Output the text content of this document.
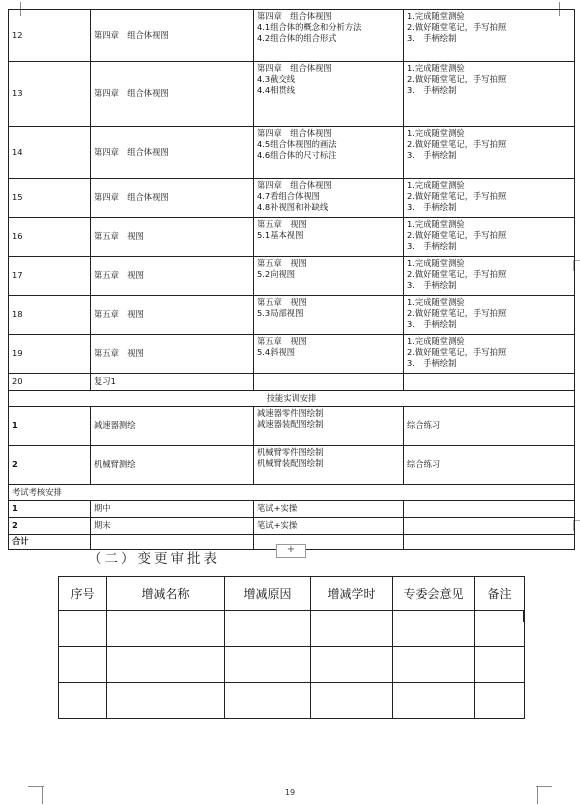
12	第四章　组合体视图	第四章　组合体视图
4.1组合体的概念和分析方法
4.2组合体的组合形式	1.完成随堂测验
2.做好随堂笔记，手写拍照
3.　手柄绘制

13	第四章　组合体视图	第四章　组合体视图
4.3截交线
4.4相贯线	1.完成随堂测验
2.做好随堂笔记，手写拍照
3.　手柄绘制

14	第四章　组合体视图	第四章　组合体视图
4.5组合体视图的画法
4.6组合体的尺寸标注	1.完成随堂测验
2.做好随堂笔记，手写拍照
3.　手柄绘制

15	第四章　组合体视图	第四章　组合体视图
4.7看组合体视图
4.8补视图和补缺线	1.完成随堂测验
2.做好随堂笔记，手写拍照
3.　手柄绘制

16	第五章　视图	第五章　视图
5.1基本视图	1.完成随堂测验
2.做好随堂笔记，手写拍照
3.　手柄绘制

17	第五章　视图	第五章　视图
5.2向视图	1.完成随堂测验
2.做好随堂笔记，手写拍照
3.　手柄绘制

18	第五章　视图	第五章　视图
5.3局部视图	1.完成随堂测验
2.做好随堂笔记，手写拍照
3.　手柄绘制

19	第五章　视图	第五章　视图
5.4斜视图	1.完成随堂测验
2.做好随堂笔记，手写拍照
3.　手柄绘制

20	复习1		
技能实训安排			
1	减速器测绘	减速器零件图绘制
减速器装配图绘制	综合练习
2	机械臂测绘	机械臂零件图绘制
机械臂装配图绘制	综合练习
考试考核安排			
1	期中	笔试+实操	
2	期末	笔试+实操	
合计			
+
（二）变更审批表
序号	增减名称	增减原因	增减学时	专委会意见	备注

19
